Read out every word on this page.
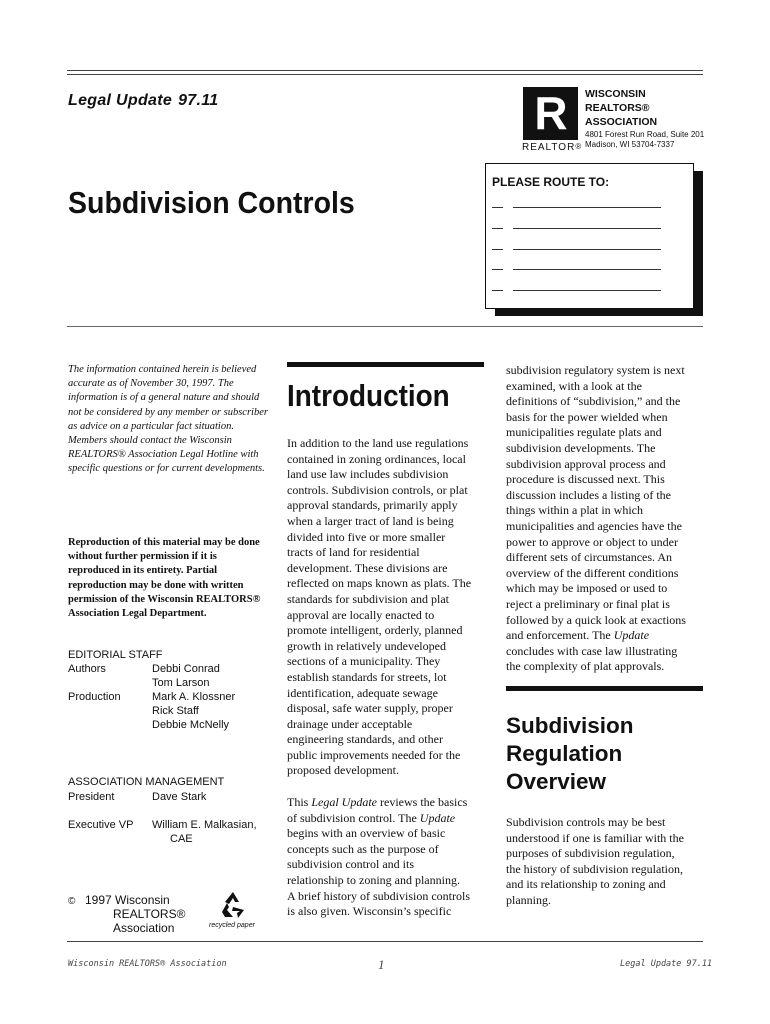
Legal Update 97.11
Subdivision Controls
R
REALTOR®
WISCONSIN
REALTORS®
ASSOCIATION
4801 Forest Run Road, Suite 201
Madison, WI 53704-7337
PLEASE ROUTE TO:
The information contained herein is believed accurate as of November 30, 1997. The information is of a general nature and should not be considered by any member or subscriber as advice on a particular fact situation. Members should contact the Wisconsin REALTORS® Association Legal Hotline with specific questions or for current developments.
Reproduction of this material may be done without further permission if it is reproduced in its entirety. Partial reproduction may be done with written permission of the Wisconsin REALTORS® Association Legal Department.
EDITORIAL STAFF
Authors	Debbi Conrad
Tom Larson
Production	Mark A. Klossner
Rick Staff
Debbie McNelly
ASSOCIATION MANAGEMENT
President	Dave Stark
Executive VP William E. Malkasian,
CAE
© 1997 Wisconsin
REALTORS®
Association	recycled paper
Introduction

In addition to the land use regulations

contained in zoning ordinances, local

land use law includes subdivision

controls. Subdivision controls, or plat

approval standards, primarily apply

when a larger tract of land is being

divided into five or more smaller

tracts of land for residential

development. These divisions are

reflected on maps known as plats. The

standards for subdivision and plat

approval are locally enacted to

promote intelligent, orderly, planned

growth in relatively undeveloped

sections of a municipality. They

establish standards for streets, lot

identification, adequate sewage

disposal, safe water supply, proper

drainage under acceptable

engineering standards, and other

public improvements needed for the

proposed development.

This Legal Update reviews the basics

of subdivision control. The Update

begins with an overview of basic

concepts such as the purpose of

subdivision control and its

relationship to zoning and planning.

A brief history of subdivision controls

is also given. Wisconsin’s specific

subdivision regulatory system is next

examined, with a look at the

definitions of “subdivision,” and the

basis for the power wielded when

municipalities regulate plats and

subdivision developments. The

subdivision approval process and

procedure is discussed next. This

discussion includes a listing of the

things within a plat in which

municipalities and agencies have the

power to approve or object to under

different sets of circumstances. An

overview of the different conditions

which may be imposed or used to

reject a preliminary or final plat is

followed by a quick look at exactions

and enforcement. The Update

concludes with case law illustrating

the complexity of plat approvals.

Subdivision
Regulation
Overview

Subdivision controls may be best

understood if one is familiar with the

purposes of subdivision regulation,

the history of subdivision regulation,

and its relationship to zoning and

planning.

Wisconsin REALTORS® Association	1	Legal Update 97.11
